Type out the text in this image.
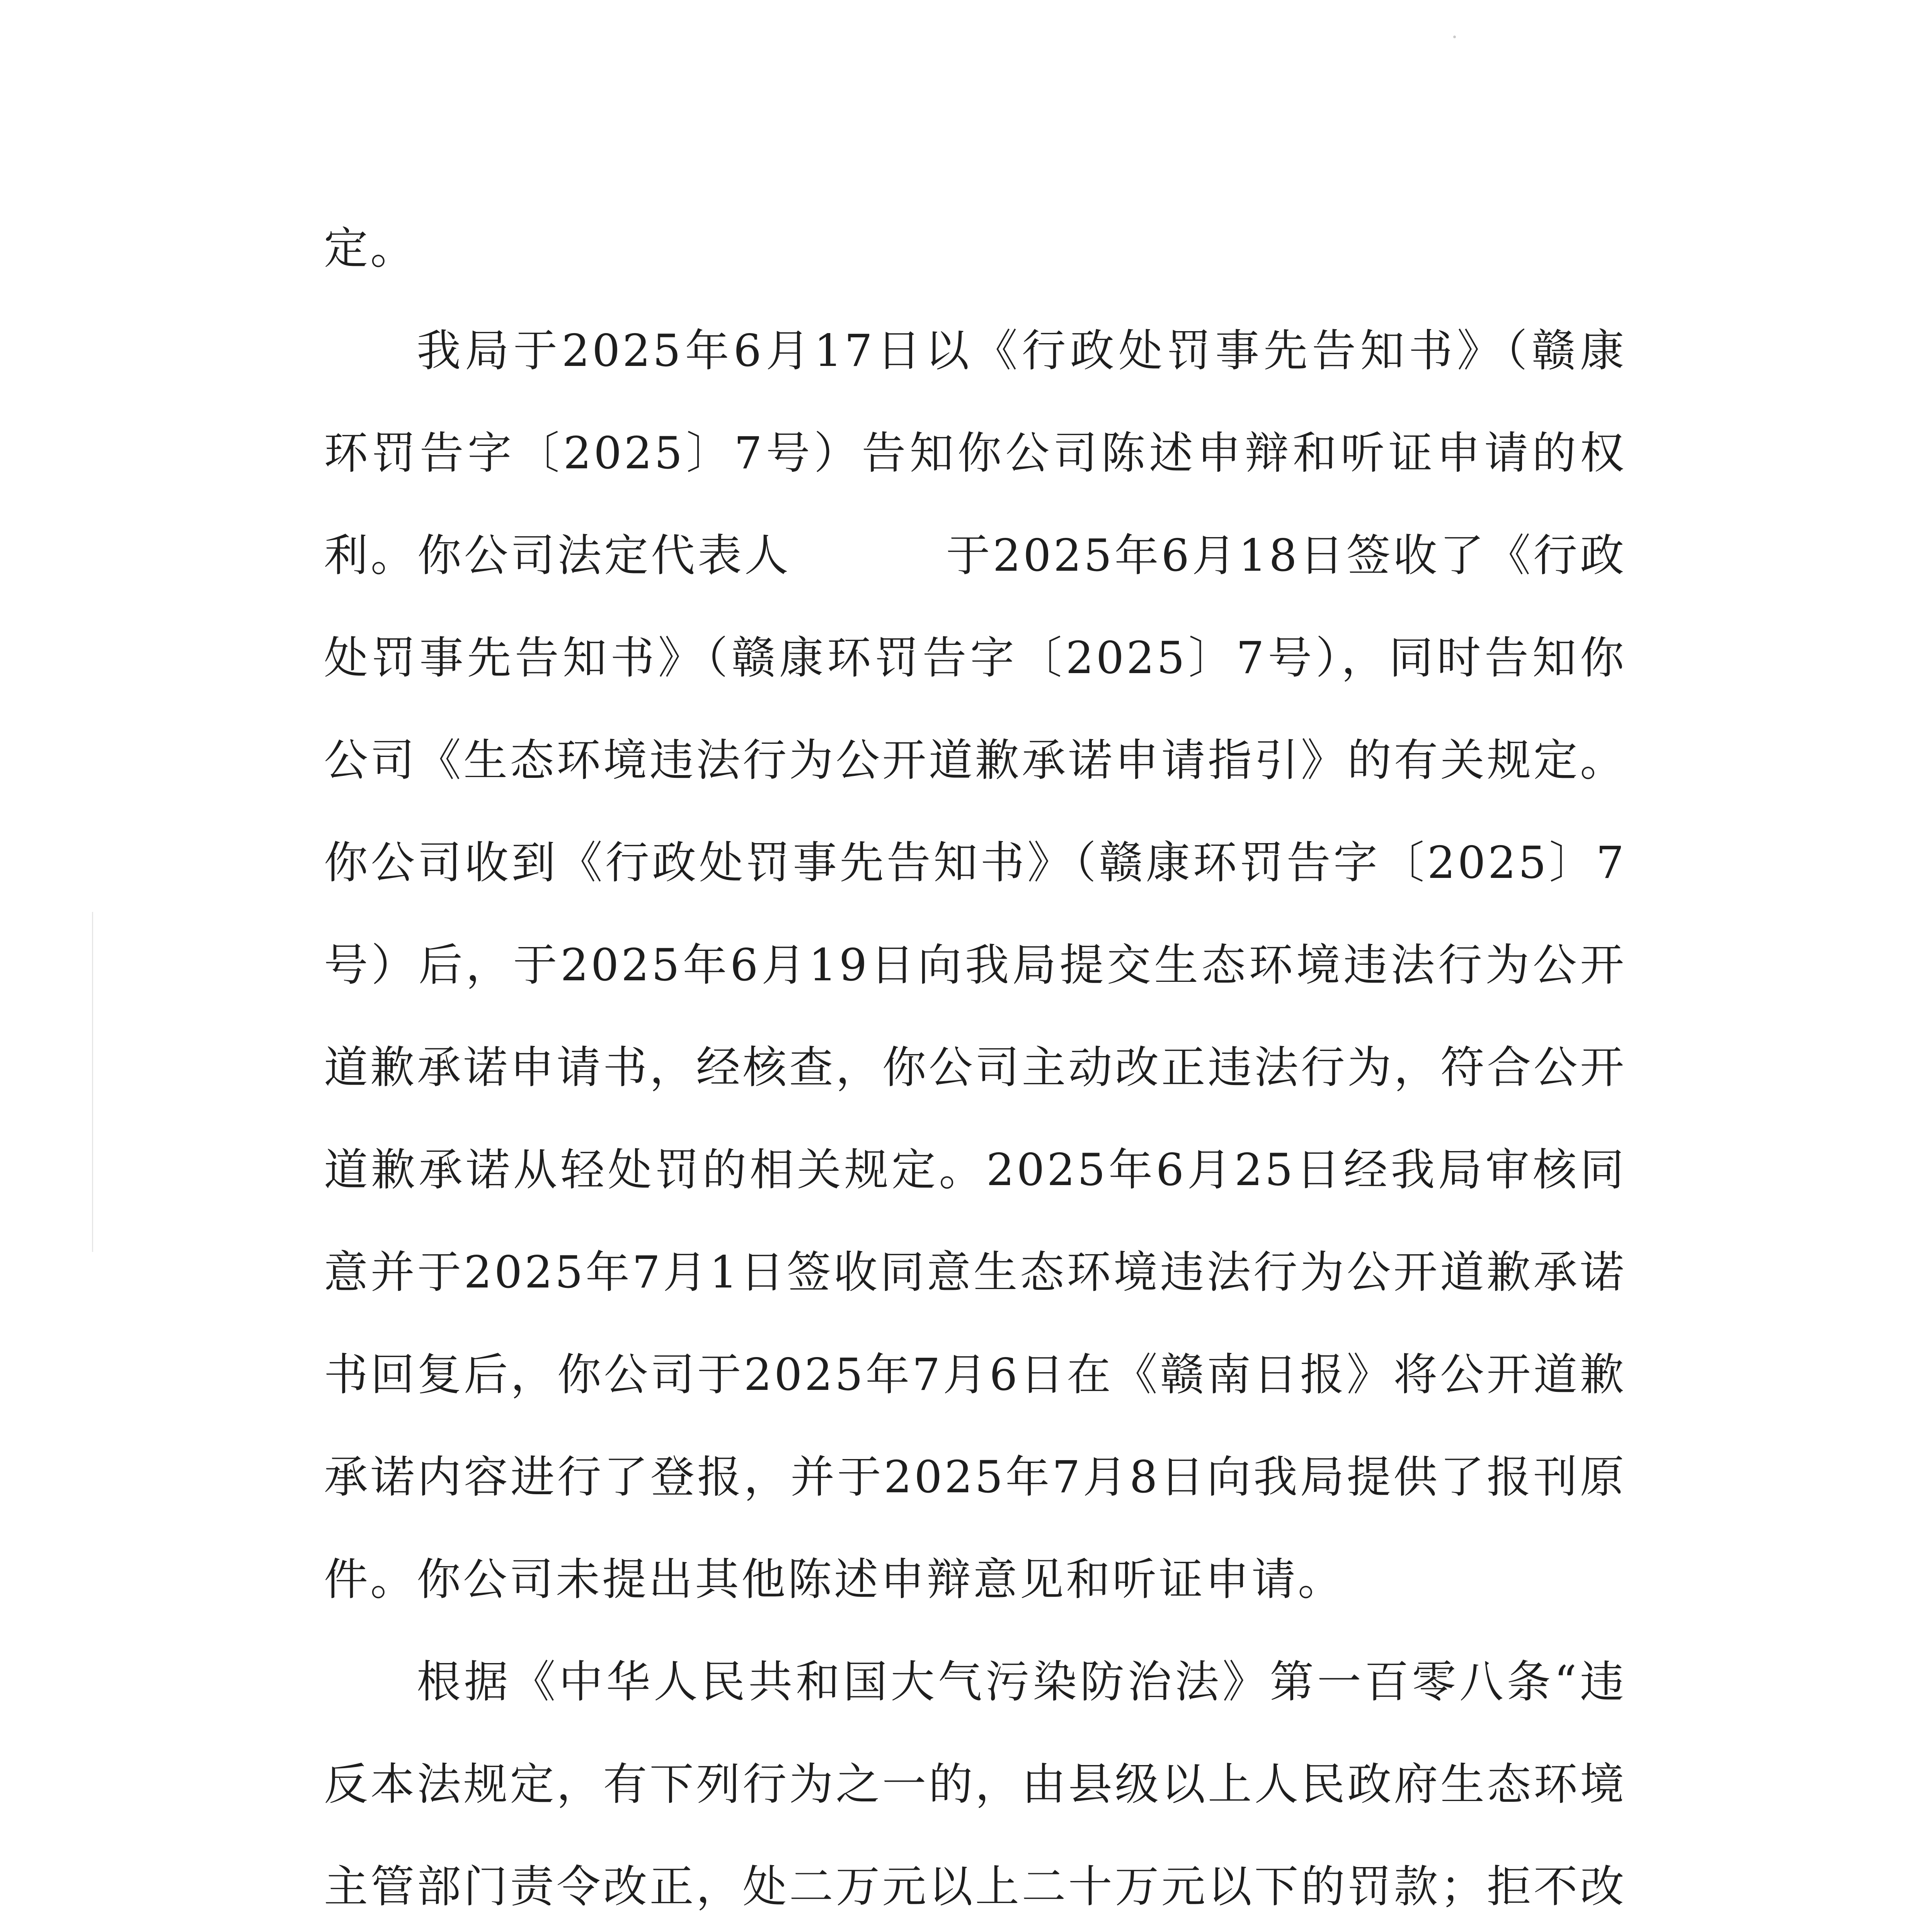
定。

我局于2025年6月17日以《行政处罚事先告知书》（赣康环罚告字〔2025〕7号）告知你公司陈述申辩和听证申请的权利。你公司法定代表人	于2025年6月18日签收了《行政处罚事先告知书》（赣康环罚告字〔2025〕7号），同时告知你公司《生态环境违法行为公开道歉承诺申请指引》的有关规定。你公司收到《行政处罚事先告知书》（赣康环罚告字〔2025〕7号）后，于2025年6月19日向我局提交生态环境违法行为公开道歉承诺申请书，经核查，你公司主动改正违法行为，符合公开道歉承诺从轻处罚的相关规定。2025年6月25日经我局审核同意并于2025年7月1日签收同意生态环境违法行为公开道歉承诺书回复后，你公司于2025年7月6日在《赣南日报》将公开道歉承诺内容进行了登报，并于2025年7月8日向我局提供了报刊原件。你公司未提出其他陈述申辩意见和听证申请。

根据《中华人民共和国大气污染防治法》第一百零八条“违反本法规定，有下列行为之一的，由县级以上人民政府生态环境主管部门责令改正，处二万元以上二十万元以下的罚款；拒不改
